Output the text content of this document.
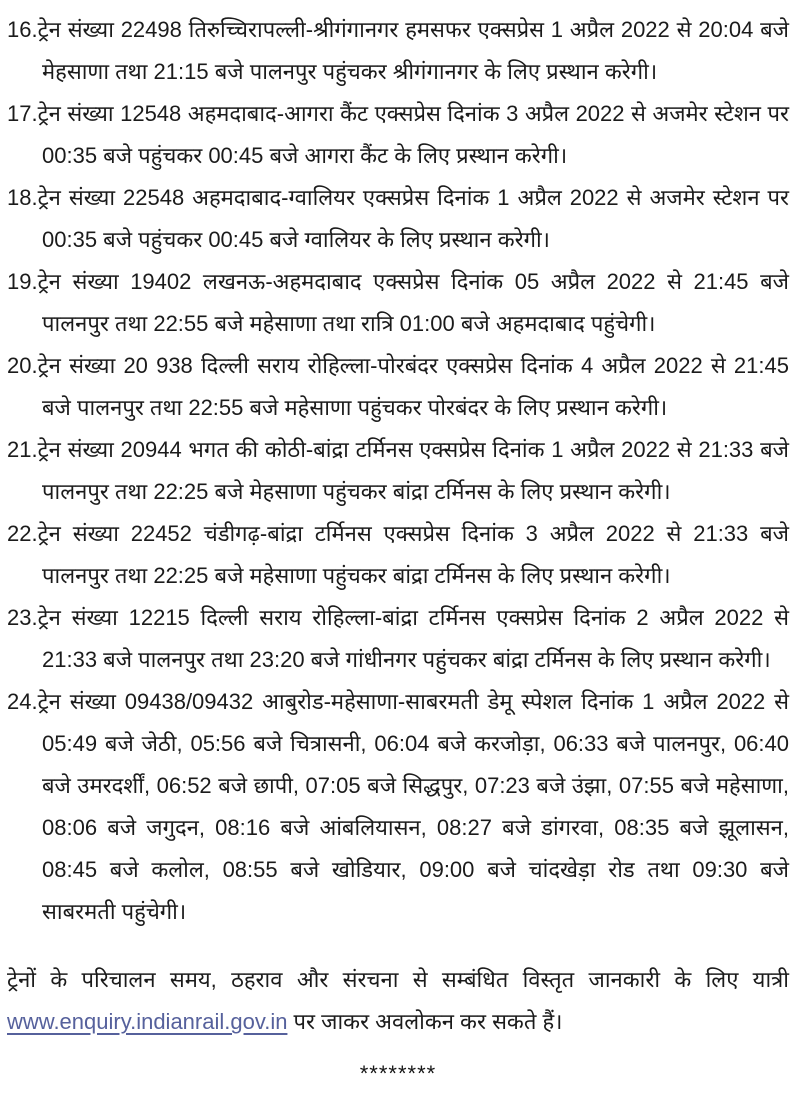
16.ट्रेन संख्या 22498 तिरुच्चिरापल्ली-श्रीगंगानगर हमसफर एक्सप्रेस 1 अप्रैल 2022 से 20:04 बजे मेहसाणा तथा 21:15 बजे पालनपुर पहुंचकर श्रीगंगानगर के लिए प्रस्थान करेगी।
17.ट्रेन संख्या 12548 अहमदाबाद-आगरा कैंट एक्सप्रेस दिनांक 3 अप्रैल 2022 से अजमेर स्टेशन पर 00:35 बजे पहुंचकर 00:45 बजे आगरा कैंट के लिए प्रस्थान करेगी।
18.ट्रेन संख्या 22548 अहमदाबाद-ग्वालियर एक्सप्रेस दिनांक 1 अप्रैल 2022 से अजमेर स्टेशन पर 00:35 बजे पहुंचकर 00:45 बजे ग्वालियर के लिए प्रस्थान करेगी।
19.ट्रेन संख्या 19402 लखनऊ-अहमदाबाद एक्सप्रेस दिनांक 05 अप्रैल 2022 से 21:45 बजे पालनपुर तथा 22:55 बजे महेसाणा तथा रात्रि 01:00 बजे अहमदाबाद पहुंचेगी।
20.ट्रेन संख्या 20 938 दिल्ली सराय रोहिल्ला-पोरबंदर एक्सप्रेस दिनांक 4 अप्रैल 2022 से 21:45 बजे पालनपुर तथा 22:55 बजे महेसाणा पहुंचकर पोरबंदर के लिए प्रस्थान करेगी।
21.ट्रेन संख्या 20944 भगत की कोठी-बांद्रा टर्मिनस एक्सप्रेस दिनांक 1 अप्रैल 2022 से 21:33 बजे पालनपुर तथा 22:25 बजे मेहसाणा पहुंचकर बांद्रा टर्मिनस के लिए प्रस्थान करेगी।
22.ट्रेन संख्या 22452 चंडीगढ़-बांद्रा टर्मिनस एक्सप्रेस दिनांक 3 अप्रैल 2022 से 21:33 बजे पालनपुर तथा 22:25 बजे महेसाणा पहुंचकर बांद्रा टर्मिनस के लिए प्रस्थान करेगी।
23.ट्रेन संख्या 12215 दिल्ली सराय रोहिल्ला-बांद्रा टर्मिनस एक्सप्रेस दिनांक 2 अप्रैल 2022 से 21:33 बजे पालनपुर तथा 23:20 बजे गांधीनगर पहुंचकर बांद्रा टर्मिनस के लिए प्रस्थान करेगी।
24.ट्रेन संख्या 09438/09432 आबुरोड-महेसाणा-साबरमती डेमू स्पेशल दिनांक 1 अप्रैल 2022 से 05:49 बजे जेठी, 05:56 बजे चित्रासनी, 06:04 बजे करजोड़ा, 06:33 बजे पालनपुर, 06:40 बजे उमरदर्शीं, 06:52 बजे छापी, 07:05 बजे सिद्धपुर, 07:23 बजे उंझा, 07:55 बजे महेसाणा, 08:06 बजे जगुदन, 08:16 बजे आंबलियासन, 08:27 बजे डांगरवा, 08:35 बजे झूलासन, 08:45 बजे कलोल, 08:55 बजे खोडियार, 09:00 बजे चांदखेड़ा रोड तथा 09:30 बजे साबरमती पहुंचेगी।

ट्रेनों के परिचालन समय, ठहराव और संरचना से सम्बंधित विस्तृत जानकारी के लिए यात्री www.enquiry.indianrail.gov.in पर जाकर अवलोकन कर सकते हैं।

********
